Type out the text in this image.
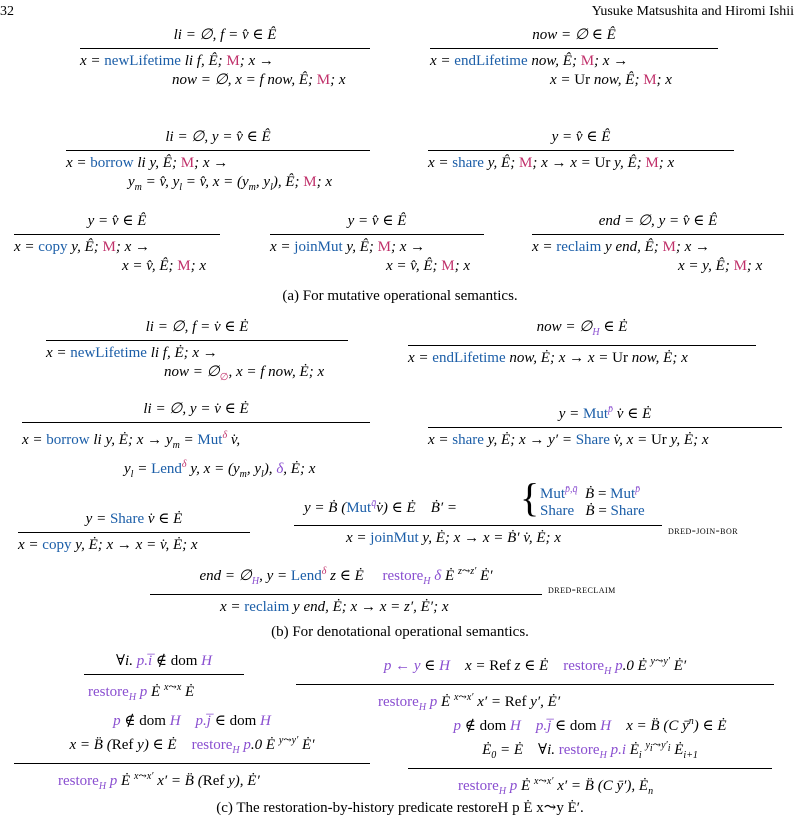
32	Yusuke Matsushita and Hiromi Ishii
li = ∅, f = v̂ ∈ Ê
x = newLifetime li f, Ê; M; x →
now = ∅, x = f now, Ê; M; x
now = ∅ ∈ Ê
x = endLifetime now, Ê; M; x →
x = Ur now, Ê; M; x
li = ∅, y = v̂ ∈ Ê
x = borrow li y, Ê; M; x →
$y_m$ = v̂, $y_l$ = v̂, $x = (y_m$, $y_l$), Ê; M; x
y = v̂ ∈ Ê
x = share y, Ê; M; x → x = Ur y, Ê; M; x
y = v̂ ∈ Ê
x = copy y, Ê; M; x →
x = v̂, Ê; M; x
y = v̂ ∈ Ê
x = joinMut y, Ê; M; x →
x = v̂, Ê; M; x
end = ∅, y = v̂ ∈ Ê
x = reclaim y end, Ê; M; x →
x = y, Ê; M; x
(a) For mutative operational semantics.
li = ∅, f = v̇ ∈ Ė
x = newLifetime li f, Ė; x →
now = $\emptyset_\emptyset$, x = f now, Ė; x
now = $\emptyset_H$ ∈ Ė
x = endLifetime now, Ė; x → x = Ur now, Ė; x
li = ∅, y = v̇ ∈ Ė
x = borrow li y, Ė; $x \to y_m = Mut^\delta$ v̇,
$y_l$ = Lend$^\delta$ y, $x = (y_m$, $y_l$), δ, Ė; x
y = Mut$^{p̄}$ v̇ ∈ Ė
x = share y, Ė; x → y′ = Share v̇, x = Ur y, Ė; x
y = Share v̇ ∈ Ė
x = copy y, Ė; x → x = v̇, Ė; x
y = Ḃ (Mut$^{q̄}$v̇) ∈ Ė Ḃ′ = { Mut$^{p̄,q̄}$ Ḃ = Mut$^{p̄}$
Share Ḃ = Share
x = joinMut y, Ė; x → x = Ḃ′ v̇, Ė; x	dred-join-bor
end = $\emptyset_H$, y = Lend$^\delta$ z ∈ Ė restore$_H$ δ Ė $^{z⤳z'}$ Ė′
x = reclaim y end, Ė; x → x = z′, Ė′; x
dred-reclaim
(b) For denotational operational semantics.
∀i. p.i̅ ∉ dom H
restore$_H$ p Ė $^{x⤳x}$ Ė
p ← y ∈ H x = Ref z ∈ Ė restore$_H$ p.0 Ė $^{y⤳y'}$ Ė′
restore$_H$ p Ė $^{x⤳x'}$ x′ = Ref y′, Ė′
p ∉ dom H p.j̅ ∈ dom H
x = B̈ (Ref y) ∈ Ė restore$_H$ p.0 Ė $^{y⤳y'}$ Ė′
restore$_H$ p Ė $^{x⤳x'}$ x′ = B̈ (Ref y), Ė′
p ∉ dom H p.j̅ ∈ dom H x = B̈ (C $ȳ^n$) ∈ Ė
$Ė_0$ = Ė    ∀i. restore$_H$ p.i $Ė_i$ $^{y_i⤳y'_i}$ $Ė_{i+1}$
restore$_H$ p Ė $^{x⤳x'}$ x′ = B̈ (C ȳ′), $Ė_n$
(c) The restoration-by-history predicate restoreH p Ė x⤳y Ė′.
